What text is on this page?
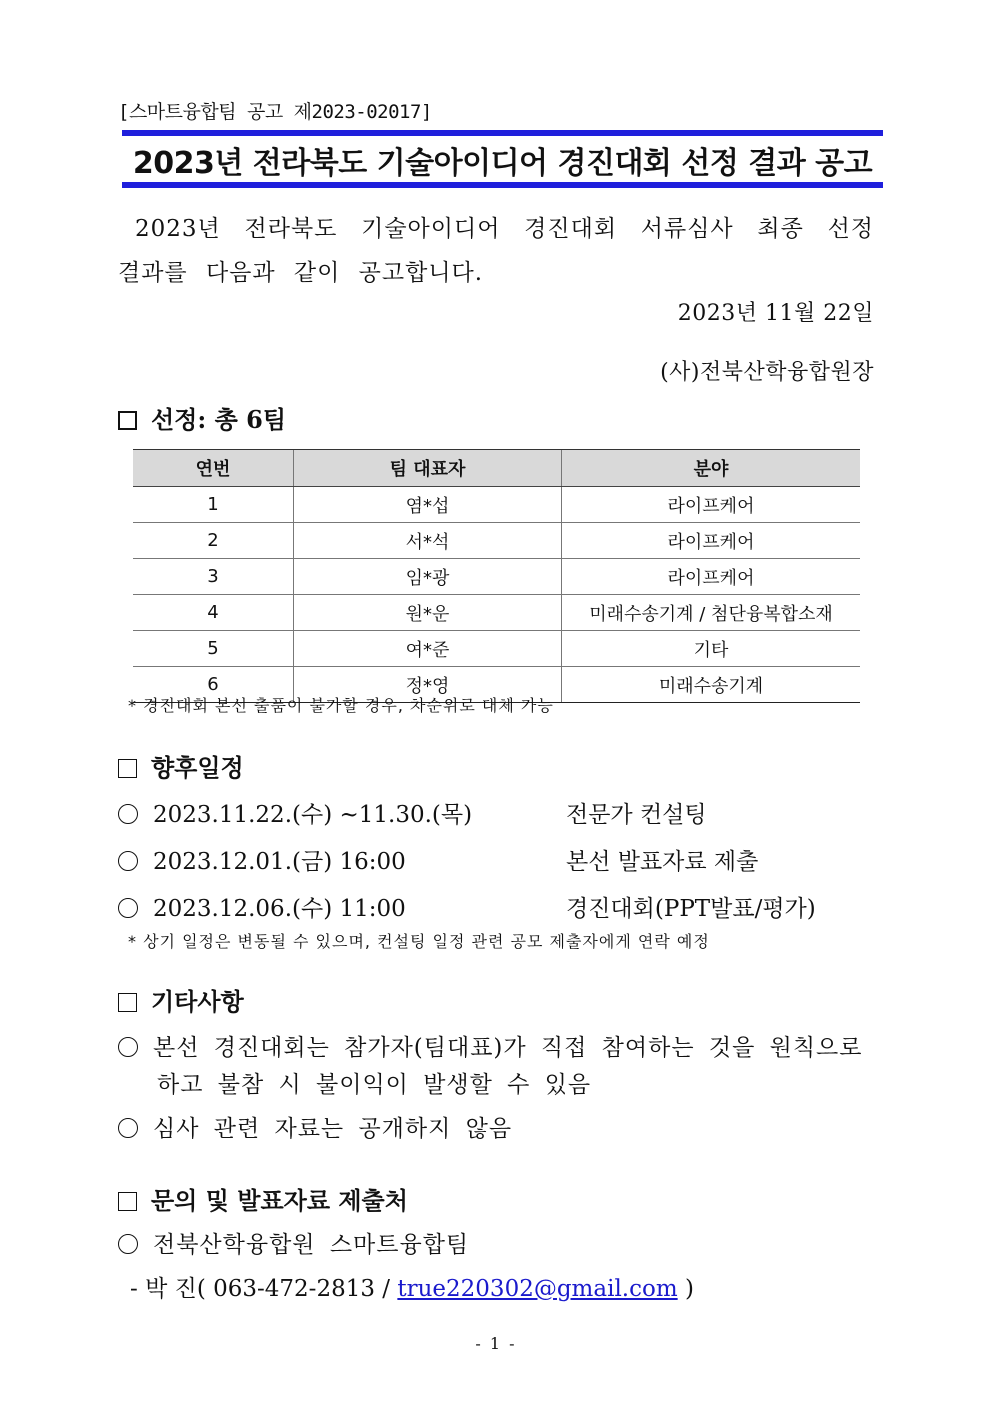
[스마트융합팀 공고 제2023-02017]
2023년 전라북도 기술아이디어 경진대회 선정 결과 공고
2023년 전라북도 기술아이디어 경진대회 서류심사 최종 선정 결과를 다음과 같이 공고합니다.
2023년 11월 22일
(사)전북산학융합원장
선정: 총 6팀
연번	팀 대표자	분야
1	염*섭	라이프케어
2	서*석	라이프케어
3	임*광	라이프케어
4	원*운	미래수송기계 / 첨단융복합소재
5	여*준	기타
6	정*영	미래수송기계
* 경진대회 본선 출품이 불가할 경우, 차순위로 대체 가능
향후일정
2023.11.22.(수) ~11.30.(목)	전문가 컨설팅
2023.12.01.(금) 16:00	본선 발표자료 제출
2023.12.06.(수) 11:00	경진대회(PPT발표/평가)
* 상기 일정은 변동될 수 있으며, 컨설팅 일정 관련 공모 제출자에게 연락 예정
기타사항
본선 경진대회는 참가자(팀대표)가 직접 참여하는 것을 원칙으로
하고 불참 시 불이익이 발생할 수 있음
심사 관련 자료는 공개하지 않음
문의 및 발표자료 제출처
전북산학융합원 스마트융합팀
- 박 진( 063-472-2813 / true220302@gmail.com )
- 1 -
